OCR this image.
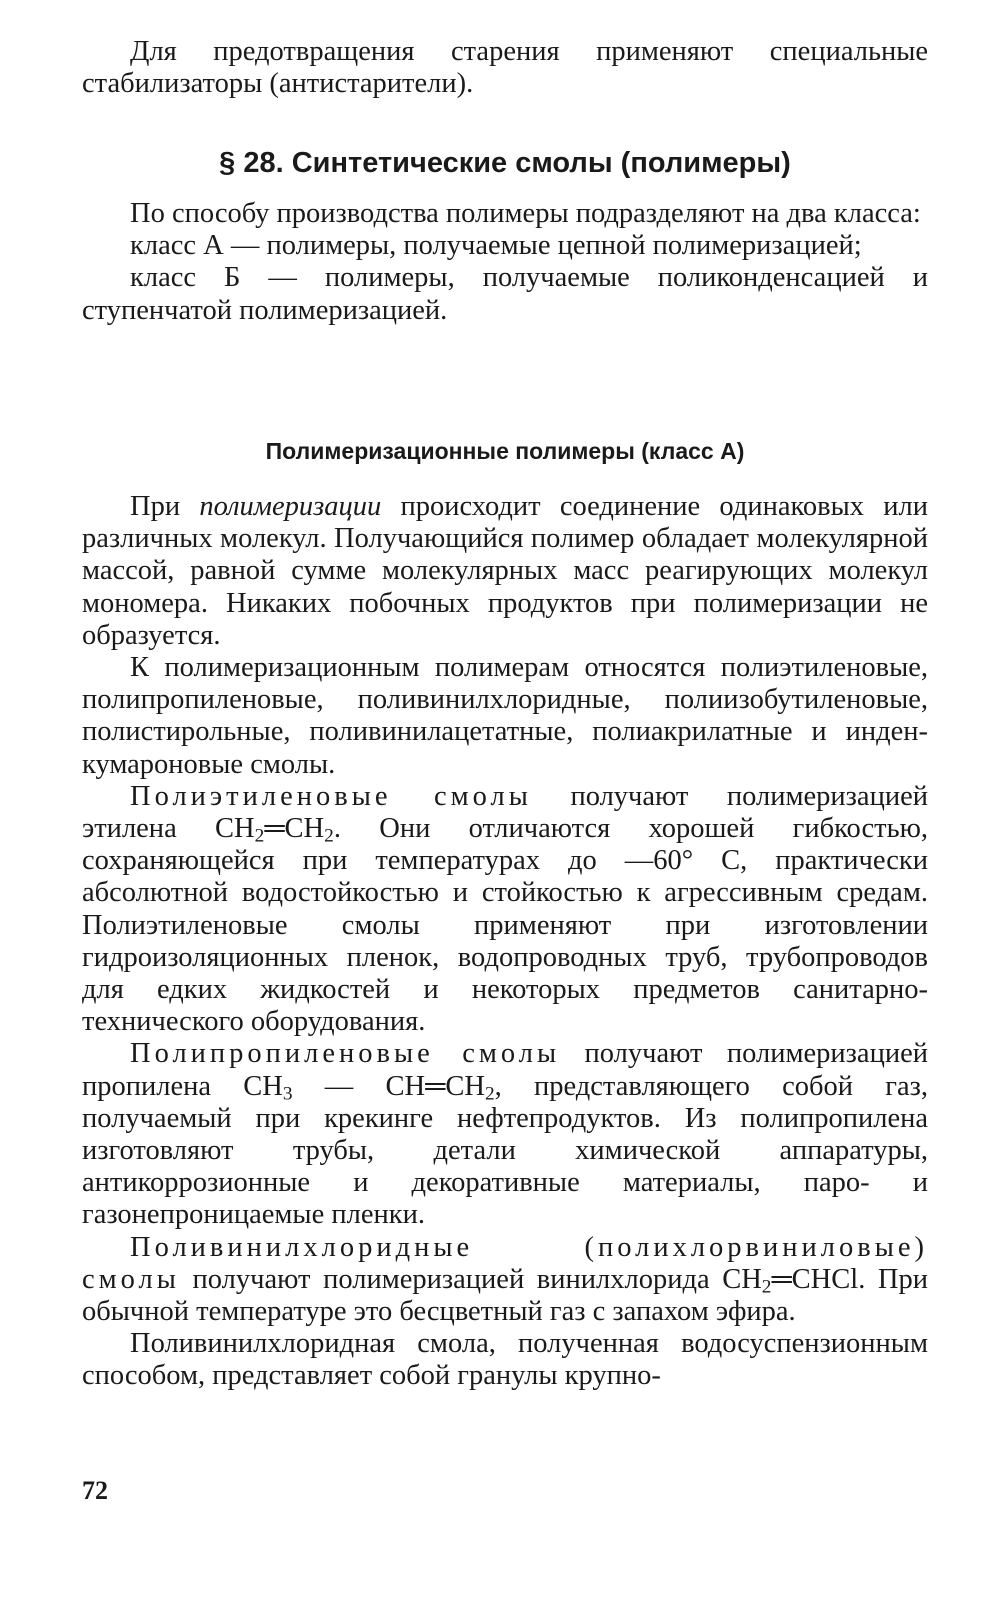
Для предотвращения старения применяют специальные стабилизаторы (антистарители).

§ 28. Синтетические смолы (полимеры)

По способу производства полимеры подразделяют на два класса:

класс А — полимеры, получаемые цепной полимеризацией;

класс Б — полимеры, получаемые поликонденсацией и ступенчатой полимеризацией.

Полимеризационные полимеры (класс А)

При полимеризации происходит соединение одинаковых или различных молекул. Получающийся полимер обладает молекулярной массой, равной сумме молекулярных масс реагирующих молекул мономера. Никаких побочных продуктов при полимеризации не образуется.

К полимеризационным полимерам относятся полиэтиленовые, полипропиленовые, поливинилхлоридные, полиизобутиленовые, полистирольные, поливинилацетатные, полиакрилатные и инден-кумароновые смолы.

Полиэтиленовые смолы получают полимеризацией этилена $CH_2═CH_2$. Они отличаются хорошей гибкостью, сохраняющейся при температурах до —60° С, практически абсолютной водостойкостью и стойкостью к агрессивным средам. Полиэтиленовые смолы применяют при изготовлении гидроизоляционных пленок, водопроводных труб, трубопроводов для едких жидкостей и некоторых предметов санитарно-технического оборудования.

Полипропиленовые смолы получают полимеризацией пропилена $CH_3$ — $CH═CH_2$, представляющего собой газ, получаемый при крекинге нефтепродуктов. Из полипропилена изготовляют трубы, детали химической аппаратуры, антикоррозионные и декоративные материалы, паро- и газонепроницаемые пленки.

Поливинилхлоридные (полихлорвиниловые) смолы получают полимеризацией винилхлорида $CH_2═CHCl$. При обычной температуре это бесцветный газ с запахом эфира.

Поливинилхлоридная смола, полученная водосуспензионным способом, представляет собой гранулы крупно-

72
